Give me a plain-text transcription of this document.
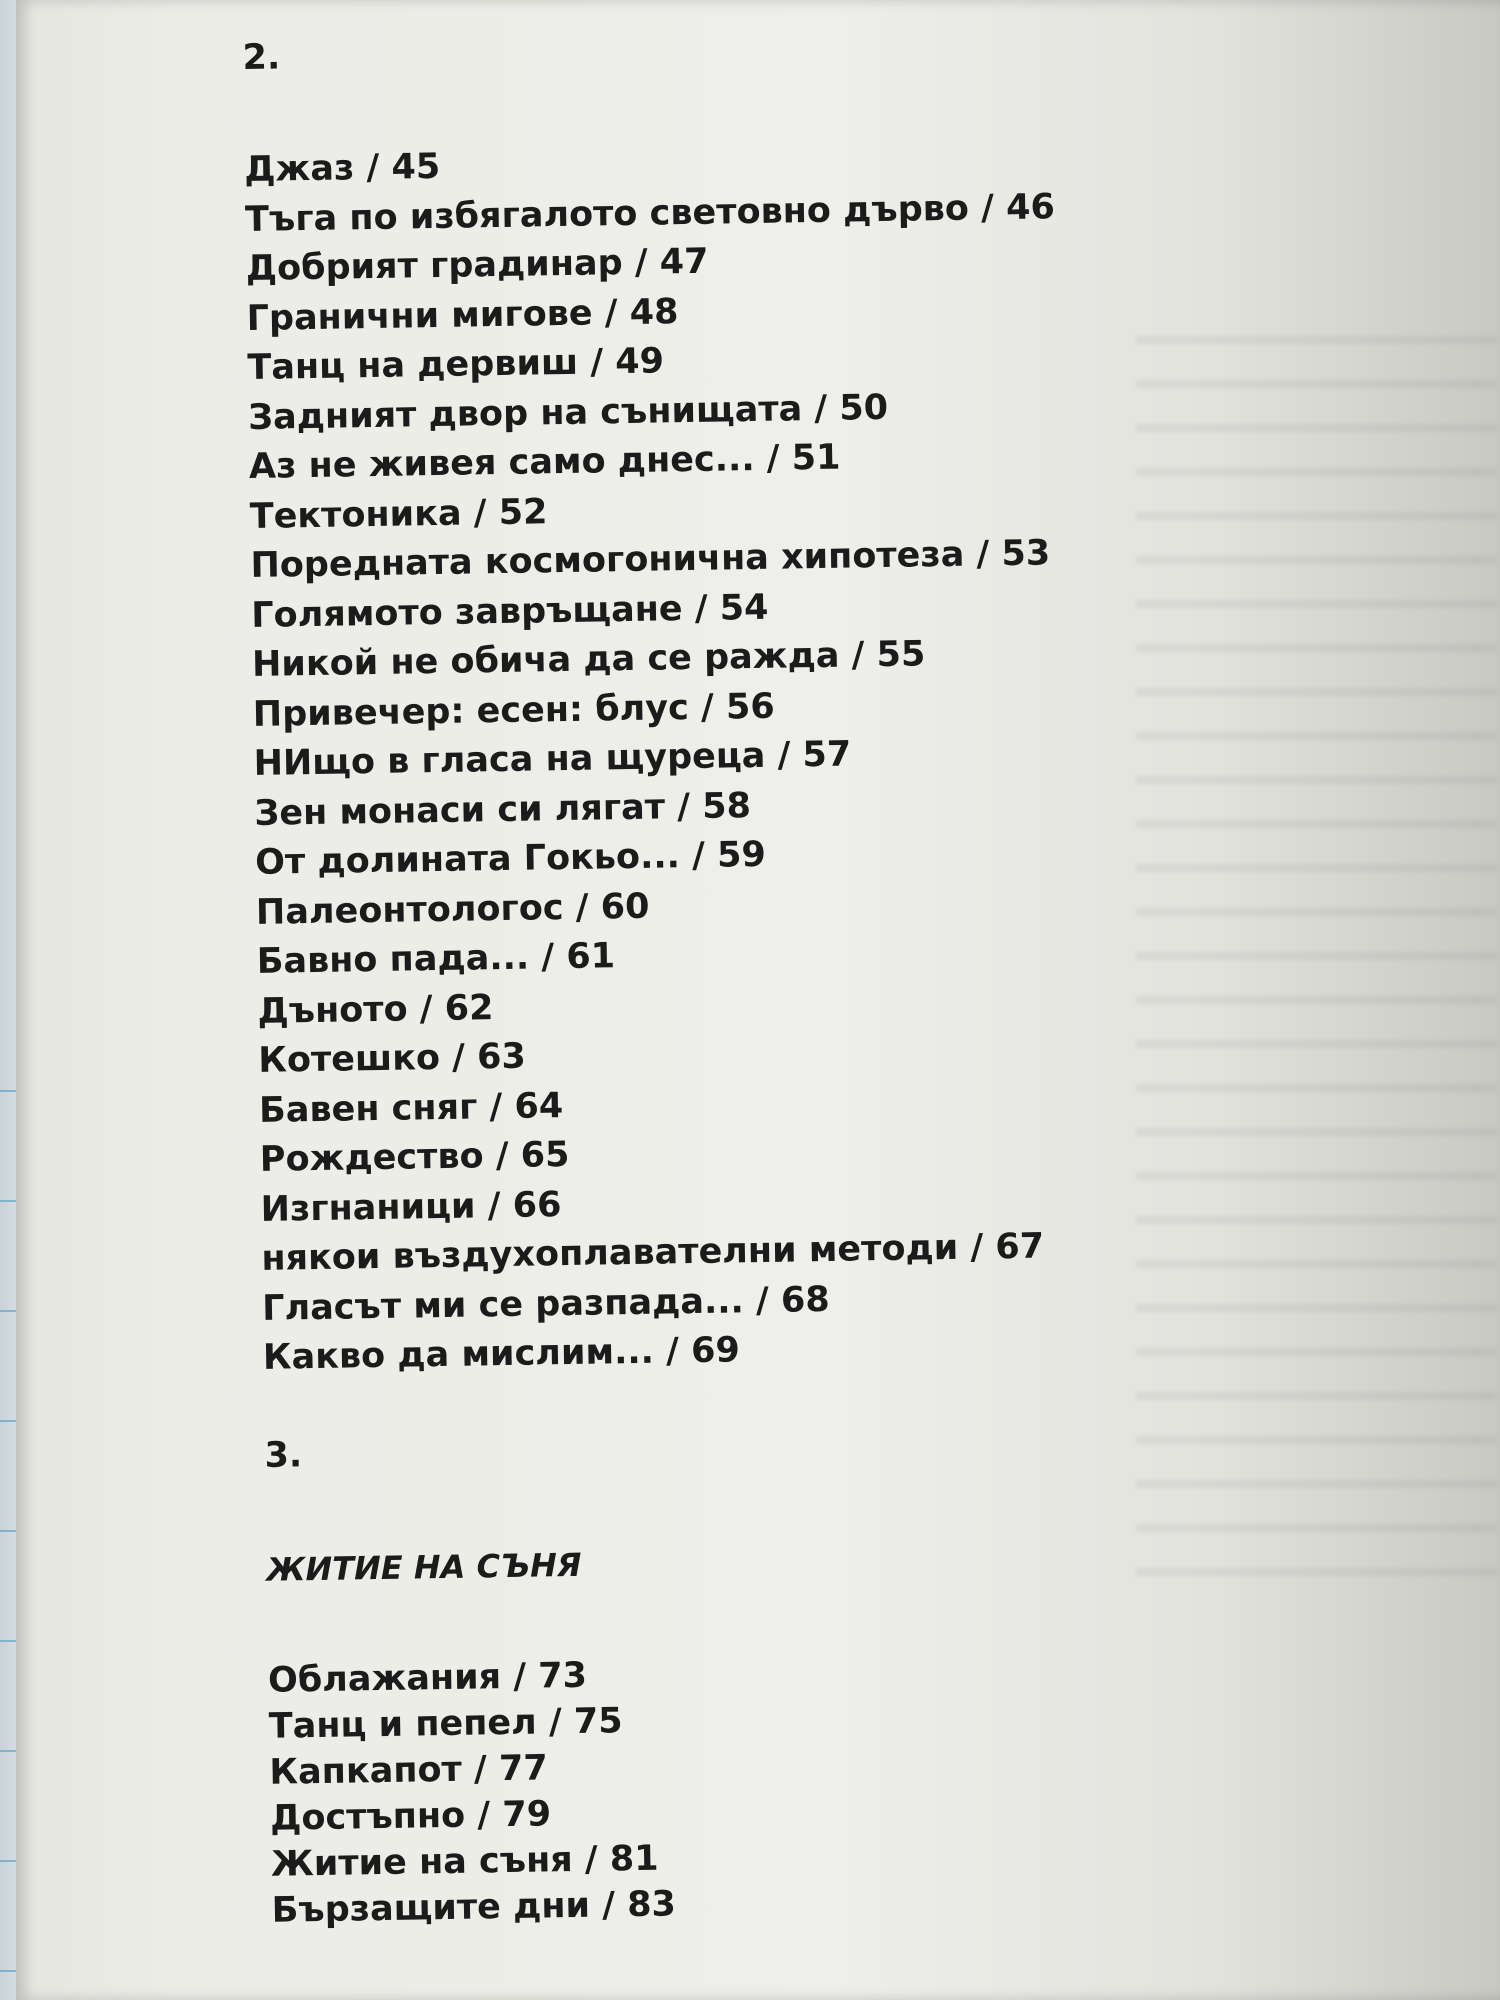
2.
Джаз / 45
Тъга по избягалото световно дърво / 46
Добрият градинар / 47
Гранични мигове / 48
Танц на дервиш / 49
Задният двор на сънищата / 50
Аз не живея само днес... / 51
Тектоника / 52
Поредната космогонична хипотеза / 53
Голямото завръщане / 54
Никой не обича да се ражда / 55
Привечер: есен: блус / 56
НИщо в гласа на щуреца / 57
Зен монаси си лягат / 58
От долината Гокьо... / 59
Палеонтологос / 60
Бавно пада... / 61
Дъното / 62
Котешко / 63
Бавен сняг / 64
Рождество / 65
Изгнаници / 66
някои въздухоплавателни методи / 67
Гласът ми се разпада... / 68
Какво да мислим... / 69
3.
ЖИТИЕ НА СЪНЯ
Облажания / 73
Танц и пепел / 75
Капкапот / 77
Достъпно / 79
Житие на съня / 81
Бързащите дни / 83
